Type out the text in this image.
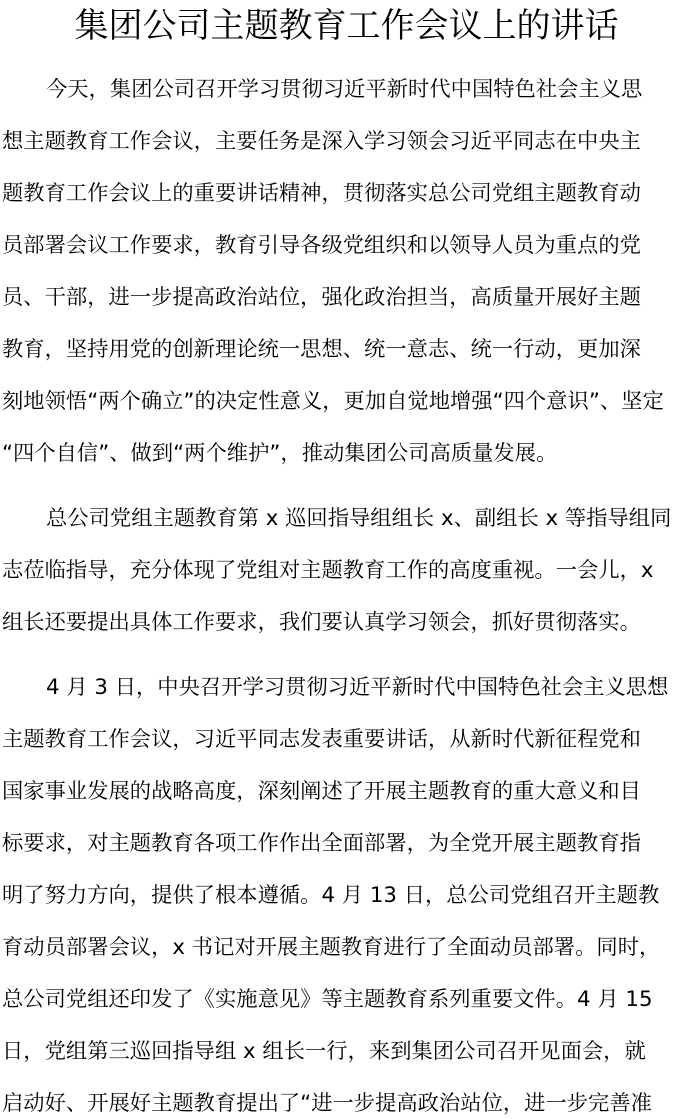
集团公司主题教育工作会议上的讲话
今天，集团公司召开学习贯彻习近平新时代中国特色社会主义思
想主题教育工作会议，主要任务是深入学习领会习近平同志在中央主
题教育工作会议上的重要讲话精神，贯彻落实总公司党组主题教育动
员部署会议工作要求，教育引导各级党组织和以领导人员为重点的党
员、干部，进一步提高政治站位，强化政治担当，高质量开展好主题
教育，坚持用党的创新理论统一思想、统一意志、统一行动，更加深
刻地领悟“两个确立”的决定性意义，更加自觉地增强“四个意识”、坚定
“四个自信”、做到“两个维护”，推动集团公司高质量发展。
总公司党组主题教育第 x 巡回指导组组长 x、副组长 x 等指导组同
志莅临指导，充分体现了党组对主题教育工作的高度重视。一会儿，x
组长还要提出具体工作要求，我们要认真学习领会，抓好贯彻落实。
4 月 3 日，中央召开学习贯彻习近平新时代中国特色社会主义思想
主题教育工作会议，习近平同志发表重要讲话，从新时代新征程党和
国家事业发展的战略高度，深刻阐述了开展主题教育的重大意义和目
标要求，对主题教育各项工作作出全面部署，为全党开展主题教育指
明了努力方向，提供了根本遵循。4 月 13 日，总公司党组召开主题教
育动员部署会议，x 书记对开展主题教育进行了全面动员部署。同时，
总公司党组还印发了《实施意见》等主题教育系列重要文件。4 月 15
日，党组第三巡回指导组 x 组长一行，来到集团公司召开见面会，就
启动好、开展好主题教育提出了“进一步提高政治站位，进一步完善准
